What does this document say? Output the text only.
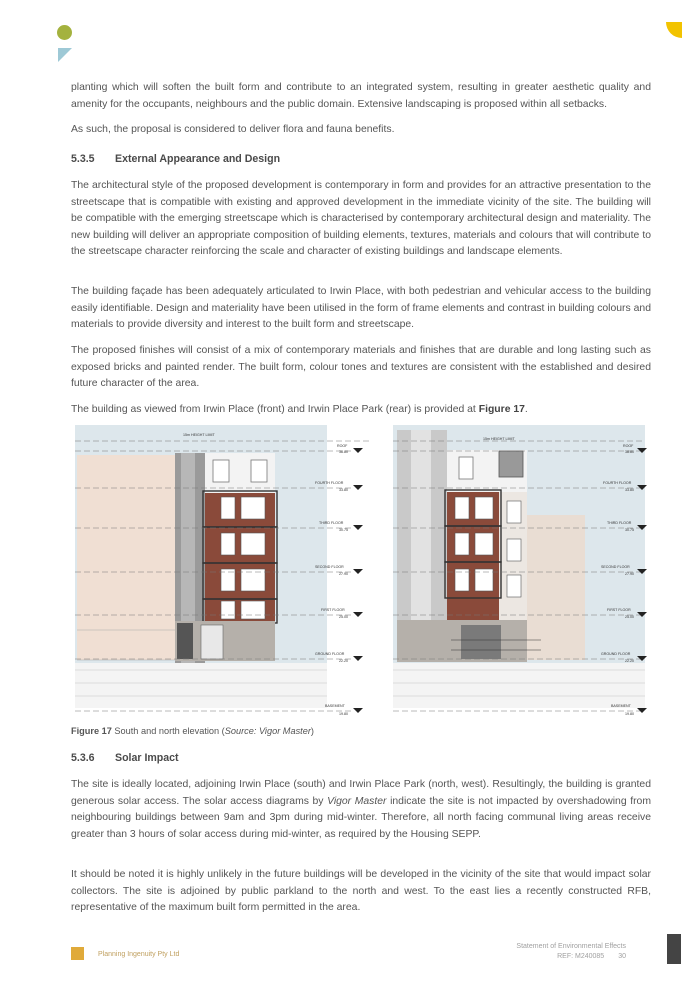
planting which will soften the built form and contribute to an integrated system, resulting in greater aesthetic quality and amenity for the occupants, neighbours and the public domain. Extensive landscaping is proposed within all setbacks.

As such, the proposal is considered to deliver flora and fauna benefits.

5.3.5 External Appearance and Design

The architectural style of the proposed development is contemporary in form and provides for an attractive presentation to the streetscape that is compatible with existing and approved development in the immediate vicinity of the site. The building will be compatible with the emerging streetscape which is characterised by contemporary architectural design and materiality. The new building will deliver an appropriate composition of building elements, textures, materials and colours that will contribute to the streetscape character reinforcing the scale and character of existing buildings and landscape elements.

The building façade has been adequately articulated to Irwin Place, with both pedestrian and vehicular access to the building easily identifiable. Design and materiality have been utilised in the form of frame elements and contrast in building colours and materials to provide diversity and interest to the built form and streetscape.

The proposed finishes will consist of a mix of contemporary materials and finishes that are durable and long lasting such as exposed bricks and painted render. The built form, colour tones and textures are consistent with the established and desired future character of the area.

The building as viewed from Irwin Place (front) and Irwin Place Park (rear) is provided at Figure 17.

15m HEIGHT LIMIT
15m HEIGHT LIMIT
ROOF
38.80
FOURTH FLOOR
33.80
THIRD FLOOR
30.75
SECOND FLOOR
27.90
FIRST FLOOR
25.00
GROUND FLOOR
22.20
BASEMENT
19.80
ROOF
38.80
FOURTH FLOOR
33.80
THIRD FLOOR
30.75
SECOND FLOOR
27.90
FIRST FLOOR
25.00
GROUND FLOOR
22.20
BASEMENT
19.80
Figure 17 South and north elevation (Source: Vigor Master)
5.3.6 Solar Impact

The site is ideally located, adjoining Irwin Place (south) and Irwin Place Park (north, west). Resultingly, the building is granted generous solar access. The solar access diagrams by Vigor Master indicate the site is not impacted by overshadowing from neighbouring buildings between 9am and 3pm during mid-winter. Therefore, all north facing communal living areas receive greater than 3 hours of solar access during mid-winter, as required by the Housing SEPP.

It should be noted it is highly unlikely in the future buildings will be developed in the vicinity of the site that would impact solar collectors. The site is adjoined by public parkland to the north and west. To the east lies a recently constructed RFB, representative of the maximum built form permitted in the area.

Planning Ingenuity Pty Ltd
Statement of Environmental Effects
REF: M240085 30
